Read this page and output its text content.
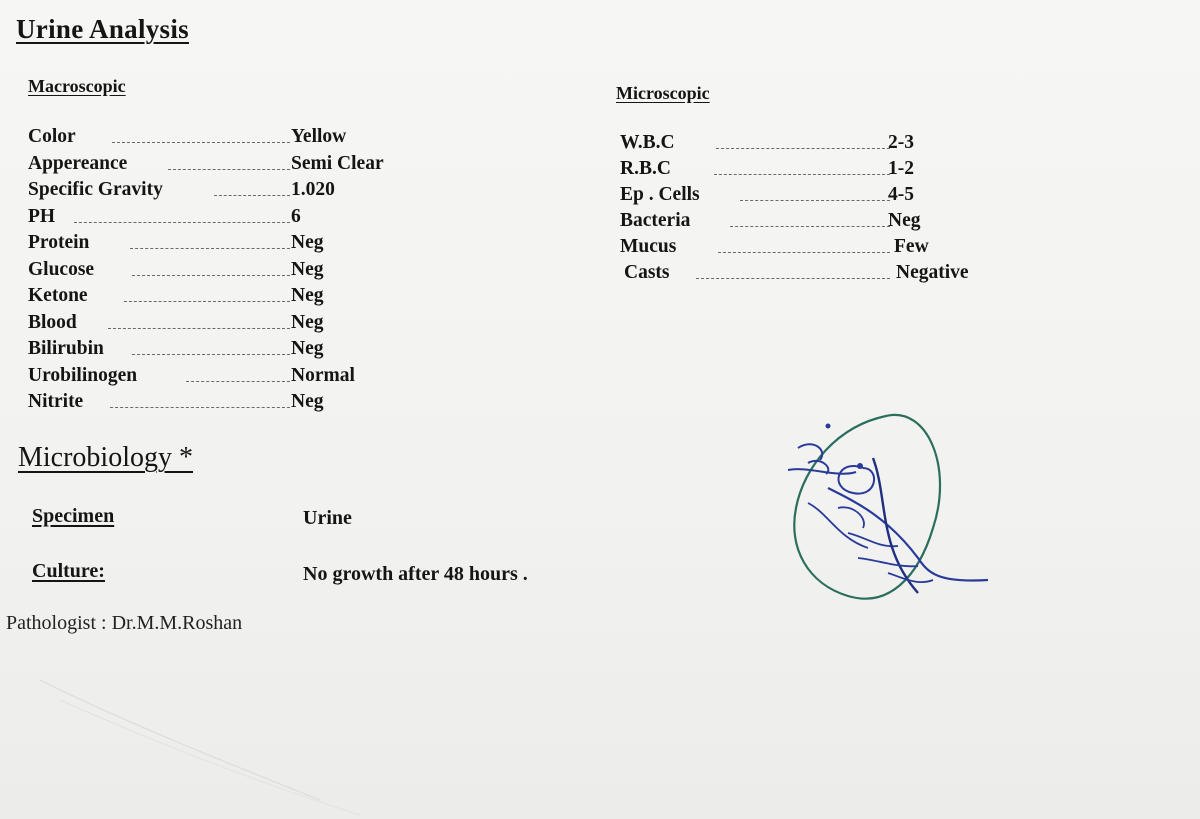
Urine Analysis
Macroscopic	Microscopic
Color	Yellow
Appereance	Semi Clear
Specific Gravity	1.020
PH	6
Protein	Neg
Glucose	Neg
Ketone	Neg
Blood	Neg
Bilirubin	Neg
Urobilinogen	Normal
Nitrite	Neg
W.B.C	2-3
R.B.C	1-2
Ep . Cells	4-5
Bacteria	Neg
Mucus	Few
Casts	Negative
Microbiology *
Specimen	Urine
Culture:	No growth after 48 hours .
Pathologist : Dr.M.M.Roshan
